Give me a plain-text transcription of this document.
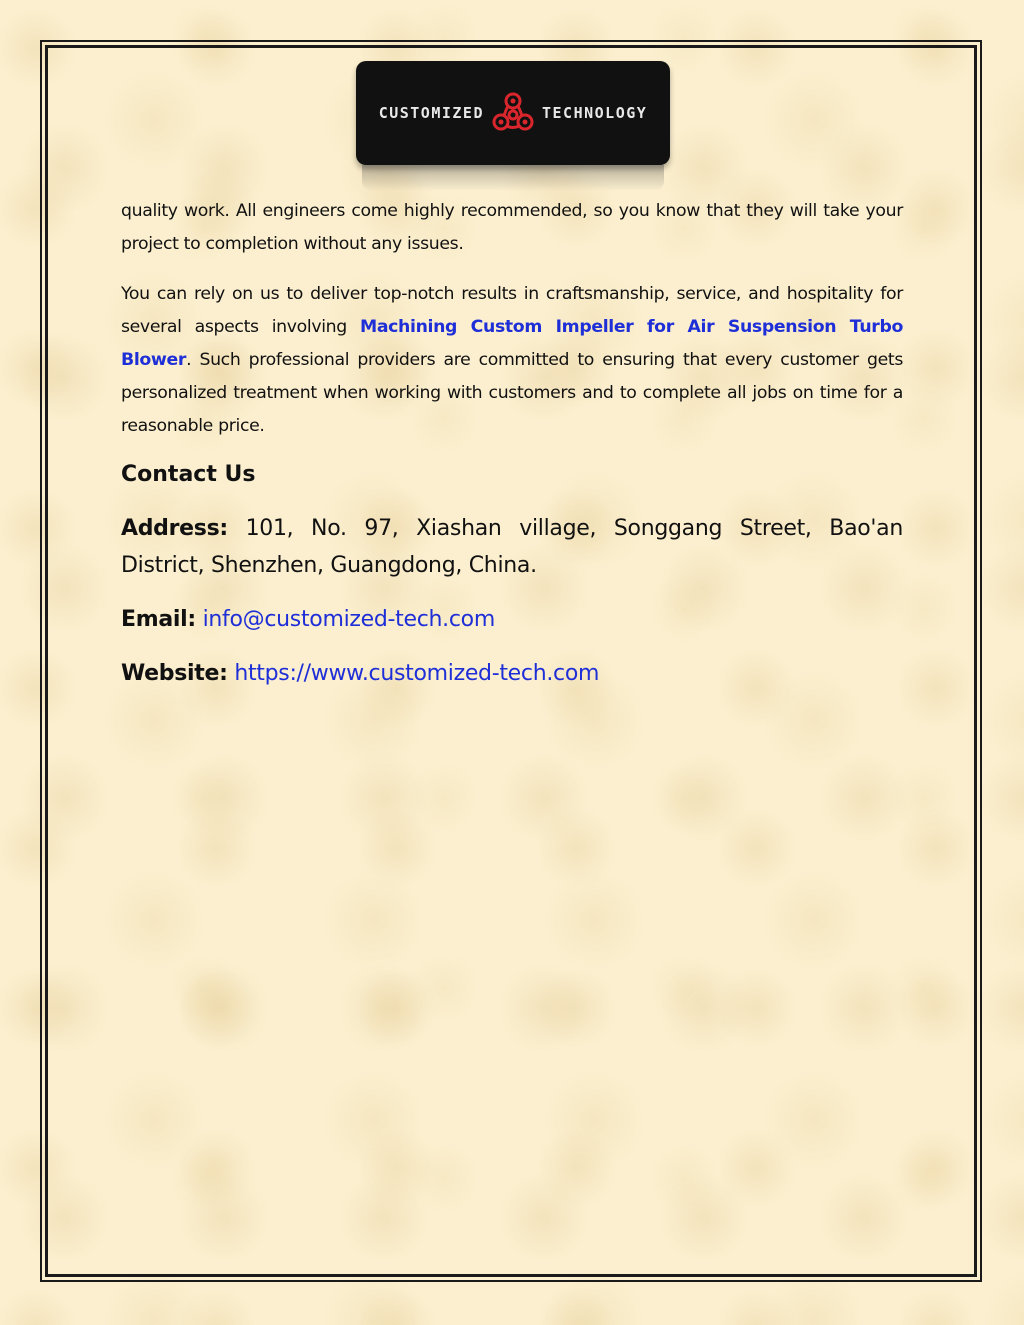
CUSTOMIZED	TECHNOLOGY

quality work. All engineers come highly recommended, so you know that they will take your project to completion without any issues.

You can rely on us to deliver top-notch results in craftsmanship, service, and hospitality for several aspects involving Machining Custom Impeller for Air Suspension Turbo Blower. Such professional providers are committed to ensuring that every customer gets personalized treatment when working with customers and to complete all jobs on time for a reasonable price.

Contact Us
Address: 101, No. 97, Xiashan village, Songgang Street, Bao'an District, Shenzhen, Guangdong, China.
Email: info@customized-tech.com
Website: https://www.customized-tech.com
